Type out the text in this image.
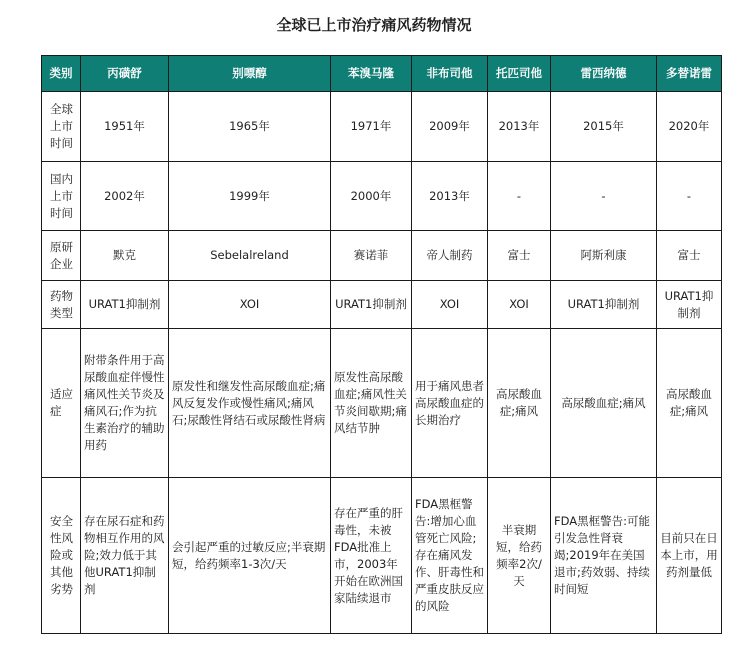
全球已上市治疗痛风药物情况
类别	丙磺舒	别嘌醇	苯溴马隆	非布司他	托匹司他	雷西纳德	多替诺雷
全球上市时间	1951年	1965年	1971年	2009年	2013年	2015年	2020年
国内上市时间	2002年	1999年	2000年	2013年	-	-	-
原研企业	默克	Sebelalreland	赛诺菲	帝人制药	富士	阿斯利康	富士
药物类型	URAT1抑制剂	XOI	URAT1抑制剂	XOI	XOI	URAT1抑制剂	URAT1抑制剂
适应症	附带条件用于高尿酸血症伴慢性痛风性关节炎及痛风石;作为抗生素治疗的辅助用药	原发性和继发性高尿酸血症;痛风反复发作或慢性痛风;痛风石;尿酸性肾结石或尿酸性肾病	原发性高尿酸血症;痛风性关节炎间歇期;痛风结节肿	用于痛风患者高尿酸血症的长期治疗	高尿酸血症;痛风	高尿酸血症;痛风	高尿酸血症;痛风
安全性风险或其他劣势	存在尿石症和药物相互作用的风险;效力低于其他URAT1抑制剂	会引起严重的过敏反应;半衰期短，给药频率1-3次/天	存在严重的肝毒性，未被FDA批准上市，2003年开始在欧洲国家陆续退市	FDA黑框警告:增加心血管死亡风险;存在痛风发作、肝毒性和严重皮肤反应的风险	半衰期短，给药频率2次/天	FDA黑框警告:可能引发急性肾衰竭;2019年在美国退市;药效弱、持续时间短	目前只在日本上市，用药剂量低
